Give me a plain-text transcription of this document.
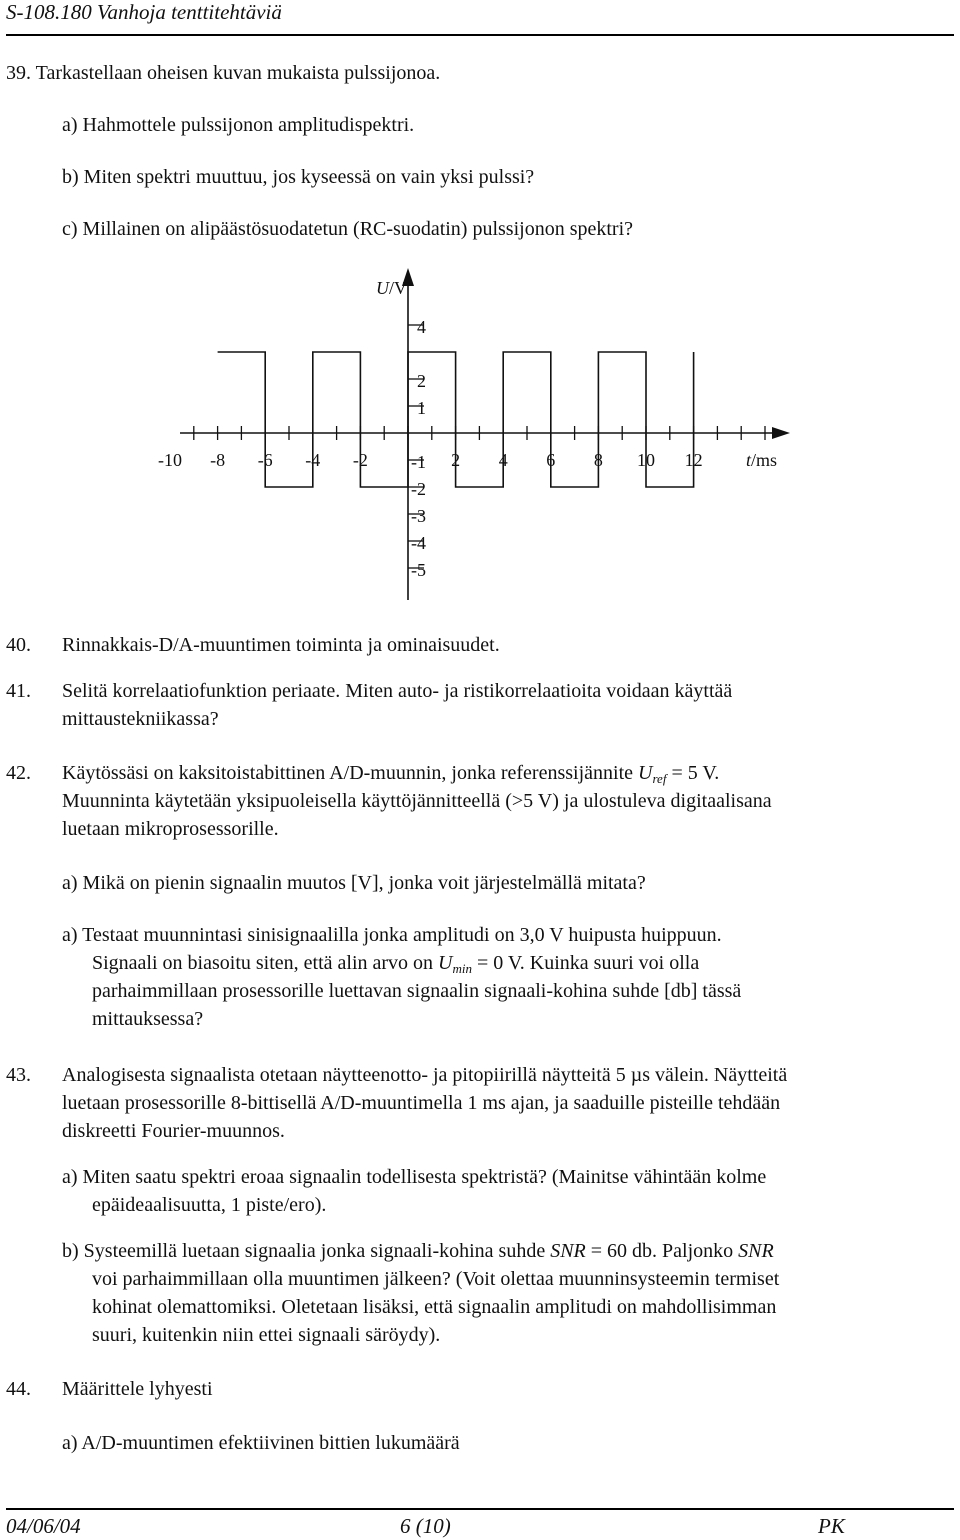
S-108.180 Vanhoja tenttitehtäviä
39. Tarkastellaan oheisen kuvan mukaista pulssijonoa.
a) Hahmottele pulssijonon amplitudispektri.
b) Miten spektri muuttuu, jos kyseessä on vain yksi pulssi?
c) Millainen on alipäästösuodatetun (RC-suodatin) pulssijonon spektri?
U/V
t/ms
-10 -8 -6 -4 -2	2 4 6 8 10 12
4
2
1
-1
-2
-3
-4
-5
40. Rinnakkais-D/A-muuntimen toiminta ja ominaisuudet.
41. Selitä korrelaatiofunktion periaate. Miten auto- ja ristikorrelaatioita voidaan käyttää
mittaustekniikassa?
42. Käytössäsi on kaksitoistabittinen A/D-muunnin, jonka referenssijännite $U_{ref} = 5$ V.
Muunninta käytetään yksipuoleisella käyttöjännitteellä (>5 V) ja ulostuleva digitaalisana
luetaan mikroprosessorille.
a) Mikä on pienin signaalin muutos [V], jonka voit järjestelmällä mitata?
a) Testaat muunnintasi sinisignaalilla jonka amplitudi on 3,0 V huipusta huippuun.
Signaali on biasoitu siten, että alin arvo on $U_{min} = 0$ V. Kuinka suuri voi olla
parhaimmillaan prosessorille luettavan signaalin signaali-kohina suhde [db] tässä
mittauksessa?
43. Analogisesta signaalista otetaan näytteenotto- ja pitopiirillä näytteitä 5 µs välein. Näytteitä
luetaan prosessorille 8-bittisellä A/D-muuntimella 1 ms ajan, ja saaduille pisteille tehdään
diskreetti Fourier-muunnos.
a) Miten saatu spektri eroaa signaalin todellisesta spektristä? (Mainitse vähintään kolme
epäideaalisuutta, 1 piste/ero).
b) Systeemillä luetaan signaalia jonka signaali-kohina suhde SNR = 60 db. Paljonko SNR
voi parhaimmillaan olla muuntimen jälkeen? (Voit olettaa muunninsysteemin termiset
kohinat olemattomiksi. Oletetaan lisäksi, että signaalin amplitudi on mahdollisimman
suuri, kuitenkin niin ettei signaali säröydy).
44. Määrittele lyhyesti
a) A/D-muuntimen efektiivinen bittien lukumäärä
04/06/04	6 (10)	PK
